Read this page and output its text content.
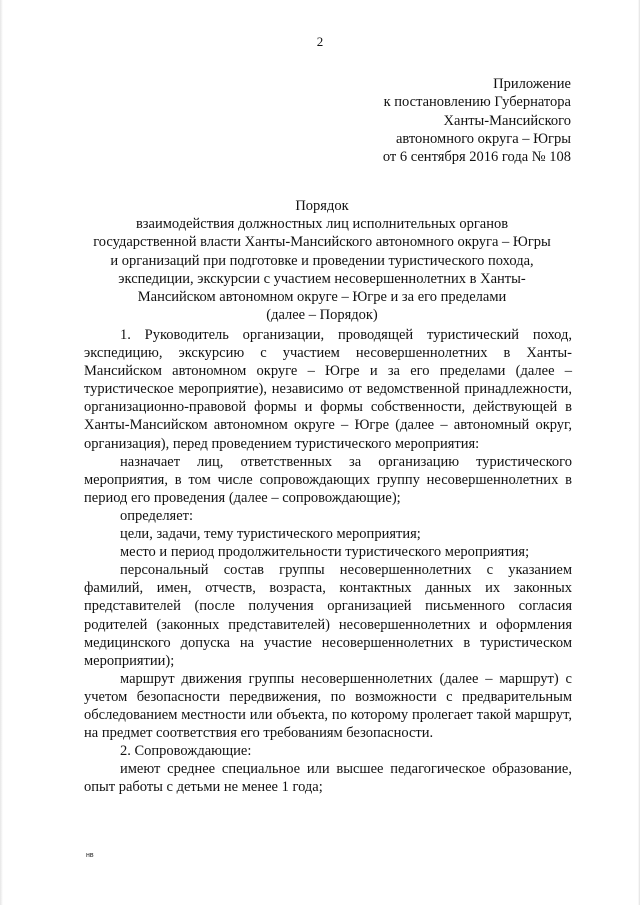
2
Приложение
к постановлению Губернатора
Ханты-Мансийского
автономного округа – Югры
от 6 сентября 2016 года № 108
Порядок
взаимодействия должностных лиц исполнительных органов
государственной власти Ханты-Мансийского автономного округа – Югры
и организаций при подготовке и проведении туристического похода,
экспедиции, экскурсии с участием несовершеннолетних в Ханты-
Мансийском автономном округе – Югре и за его пределами
(далее – Порядок)

1. Руководитель организации, проводящей туристический поход, экспедицию, экскурсию с участием несовершеннолетних в Ханты-Мансийском автономном округе – Югре и за его пределами (далее – туристическое мероприятие), независимо от ведомственной принадлежности, организационно-правовой формы и формы собственности, действующей в Ханты-Мансийском автономном округе – Югре (далее – автономный округ, организация), перед проведением туристического мероприятия:

назначает лиц, ответственных за организацию туристического мероприятия, в том числе сопровождающих группу несовершеннолетних в период его проведения (далее – сопровождающие);

определяет:

цели, задачи, тему туристического мероприятия;

место и период продолжительности туристического мероприятия;

персональный состав группы несовершеннолетних с указанием фамилий, имен, отчеств, возраста, контактных данных их законных представителей (после получения организацией письменного согласия родителей (законных представителей) несовершеннолетних и оформления медицинского допуска на участие несовершеннолетних в туристическом мероприятии);

маршрут движения группы несовершеннолетних (далее – маршрут) с учетом безопасности передвижения, по возможности с предварительным обследованием местности или объекта, по которому пролегает такой маршрут, на предмет соответствия его требованиям безопасности.

2. Сопровождающие:

имеют среднее специальное или высшее педагогическое образование, опыт работы с детьми не менее 1 года;

нв
